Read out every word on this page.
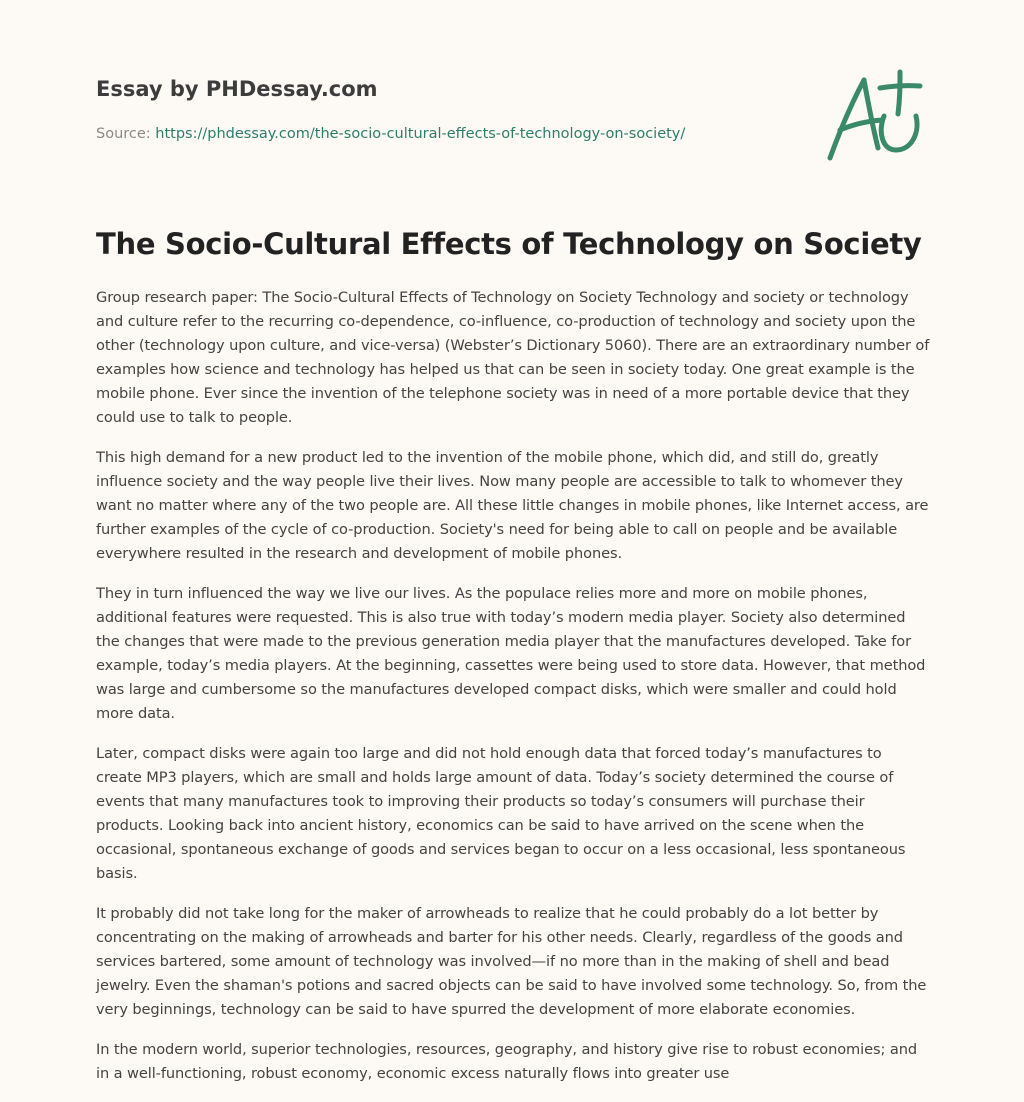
Essay by PHDessay.com
Source: https://phdessay.com/the-socio-cultural-effects-of-technology-on-society/
The Socio-Cultural Effects of Technology on Society

Group research paper: The Socio-Cultural Effects of Technology on Society Technology and society or technology and culture refer to the recurring co-dependence, co-influence, co-production of technology and society upon the other (technology upon culture, and vice-versa) (Webster’s Dictionary 5060). There are an extraordinary number of examples how science and technology has helped us that can be seen in society today. One great example is the mobile phone. Ever since the invention of the telephone society was in need of a more portable device that they could use to talk to people.

This high demand for a new product led to the invention of the mobile phone, which did, and still do, greatly influence society and the way people live their lives. Now many people are accessible to talk to whomever they want no matter where any of the two people are. All these little changes in mobile phones, like Internet access, are further examples of the cycle of co-production. Society's need for being able to call on people and be available everywhere resulted in the research and development of mobile phones.

They in turn influenced the way we live our lives. As the populace relies more and more on mobile phones, additional features were requested. This is also true with today’s modern media player. Society also determined the changes that were made to the previous generation media player that the manufactures developed. Take for example, today’s media players. At the beginning, cassettes were being used to store data. However, that method was large and cumbersome so the manufactures developed compact disks, which were smaller and could hold more data.

Later, compact disks were again too large and did not hold enough data that forced today’s manufactures to create MP3 players, which are small and holds large amount of data. Today’s society determined the course of events that many manufactures took to improving their products so today’s consumers will purchase their products. Looking back into ancient history, economics can be said to have arrived on the scene when the occasional, spontaneous exchange of goods and services began to occur on a less occasional, less spontaneous basis.

It probably did not take long for the maker of arrowheads to realize that he could probably do a lot better by concentrating on the making of arrowheads and barter for his other needs. Clearly, regardless of the goods and services bartered, some amount of technology was involved—if no more than in the making of shell and bead jewelry. Even the shaman's potions and sacred objects can be said to have involved some technology. So, from the very beginnings, technology can be said to have spurred the development of more elaborate economies.

In the modern world, superior technologies, resources, geography, and history give rise to robust economies; and in a well-functioning, robust economy, economic excess naturally flows into greater use
